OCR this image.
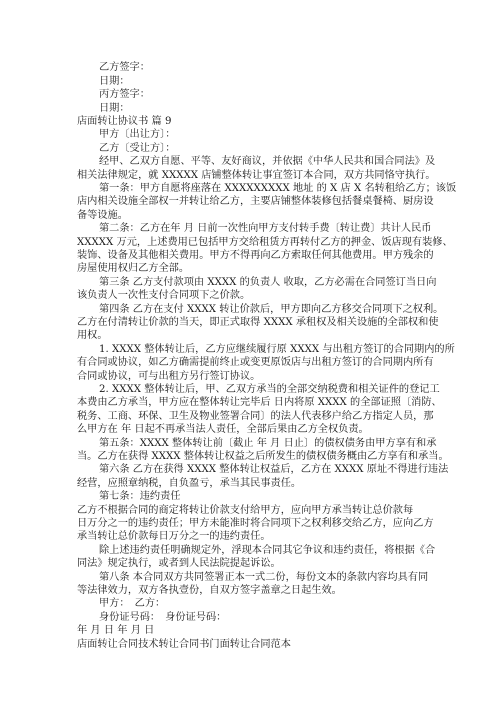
乙方签字：

日期：

丙方签字：

日期：

店面转让协议书 篇 9

甲方〔出让方〕：

乙方〔受让方〕：

经甲、乙双方自愿、平等、友好商议，并依据《中华人民共和国合同法》及

相关法律规定，就 XXXXX 店铺整体转让事宜签订本合同，双方共同恪守执行。

第一条：甲方自愿将座落在 XXXXXXXXX 地址 的 X 店 X 名转租给乙方；该饭

店内相关设施全部权一并转让给乙方，主要店铺整体装修包括餐桌餐椅、厨房设

备等设施。

第二条：乙方在年 月 日前一次性向甲方支付转手费〔转让费〕共计人民币

XXXXX 万元，上述费用已包括甲方交给租赁方再转付乙方的押金、饭店现有装修、

装饰、设备及其他相关费用。甲方不得再向乙方索取任何其他费用。甲方残余的

房屋使用权归乙方全部。

第三条 乙方支付款项由 XXXX 的负责人 收取，乙方必需在合同签订当日向

该负责人一次性支付合同项下之价款。

第四条 乙方在支付 XXXX 转让价款后，甲方即向乙方移交合同项下之权利。

乙方在付清转让价款的当天，即正式取得 XXXX 承租权及相关设施的全部权和使

用权。

1. XXXX 整体转让后，乙方应继续履行原 XXXX 与出租方签订的合同期内的所

有合同或协议，如乙方确需提前终止或变更原饭店与出租方签订的合同期内所有

合同或协议，可与出租方另行签订协议。

2. XXXX 整体转让后，甲、乙双方承当的全部交纳税费和相关证件的登记工

本费由乙方承当，甲方应在整体转让完毕后 日内将原 XXXX 的全部证照〔消防、

税务、工商、环保、卫生及物业签署合同〕的法人代表移户给乙方指定人员，那

么甲方在 年 日起不再承当法人责任，全部后果由乙方全权负责。

第五条：XXXX 整体转让前〔截止 年 月 日止〕的债权债务由甲方享有和承

当。乙方在获得 XXXX 整体转让权益之后所发生的债权债务概由乙方享有和承当。

第六条 乙方在获得 XXXX 整体转让权益后，乙方在 XXXX 原址不得进行违法

经营，应照章纳税，自负盈亏，承当其民事责任。

第七条：违约责任

乙方不根据合同的商定将转让价款支付给甲方，应向甲方承当转让总价款每

日万分之一的违约责任；甲方未能准时将合同项下之权利移交给乙方，应向乙方

承当转让总价款每日万分之一的违约责任。

除上述违约责任明确规定外，浮现本合同其它争议和违约责任，将根据《合

同法》规定执行，或者到人民法院提起诉讼。

第八条 本合同双方共同签署正本一式二份，每份文本的条款内容均具有同

等法律效力，双方各执壹份，自双方签字盖章之日起生效。

甲方：　乙方：

身份证号码：　身份证号码：

年 月 日 年 月 日

店面转让合同技术转让合同书门面转让合同范本
